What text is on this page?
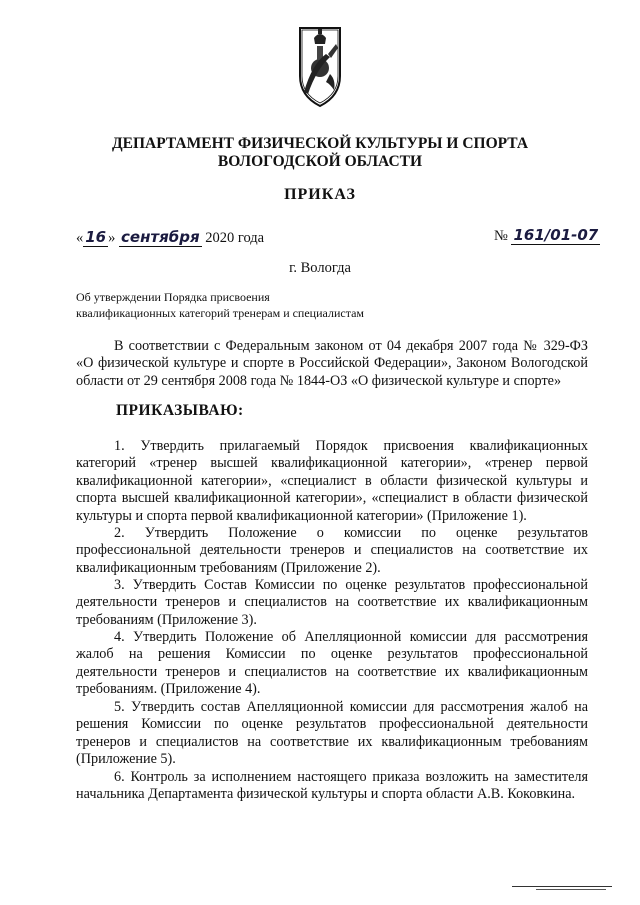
ДЕПАРТАМЕНТ ФИЗИЧЕСКОЙ КУЛЬТУРЫ И СПОРТА
ВОЛОГОДСКОЙ ОБЛАСТИ
ПРИКАЗ
« 16 » сентября 2020 года	№ 161/01-07
г. Вологда
Об утверждении Порядка присвоения
квалификационных категорий тренерам и специалистам
В соответствии с Федеральным законом от 04 декабря 2007 года № 329-ФЗ «О физической культуре и спорте в Российской Федерации», Законом Вологодской области от 29 сентября 2008 года № 1844-ОЗ «О физической культуре и спорте»
ПРИКАЗЫВАЮ:
1. Утвердить прилагаемый Порядок присвоения квалификационных категорий «тренер высшей квалификационной категории», «тренер первой квалификационной категории», «специалист в области физической культуры и спорта высшей квалификационной категории», «специалист в области физической культуры и спорта первой квалификационной категории» (Приложение 1).
2. Утвердить Положение о комиссии по оценке результатов профессиональной деятельности тренеров и специалистов на соответствие их квалификационным требованиям (Приложение 2).
3. Утвердить Состав Комиссии по оценке результатов профессиональной деятельности тренеров и специалистов на соответствие их квалификационным требованиям (Приложение 3).
4. Утвердить Положение об Апелляционной комиссии для рассмотрения жалоб на решения Комиссии по оценке результатов профессиональной деятельности тренеров и специалистов на соответствие их квалификационным требованиям. (Приложение 4).
5. Утвердить состав Апелляционной комиссии для рассмотрения жалоб на решения Комиссии по оценке результатов профессиональной деятельности тренеров и специалистов на соответствие их квалификационным требованиям (Приложение 5).
6. Контроль за исполнением настоящего приказа возложить на заместителя начальника Департамента физической культуры и спорта области А.В. Коковкина.
